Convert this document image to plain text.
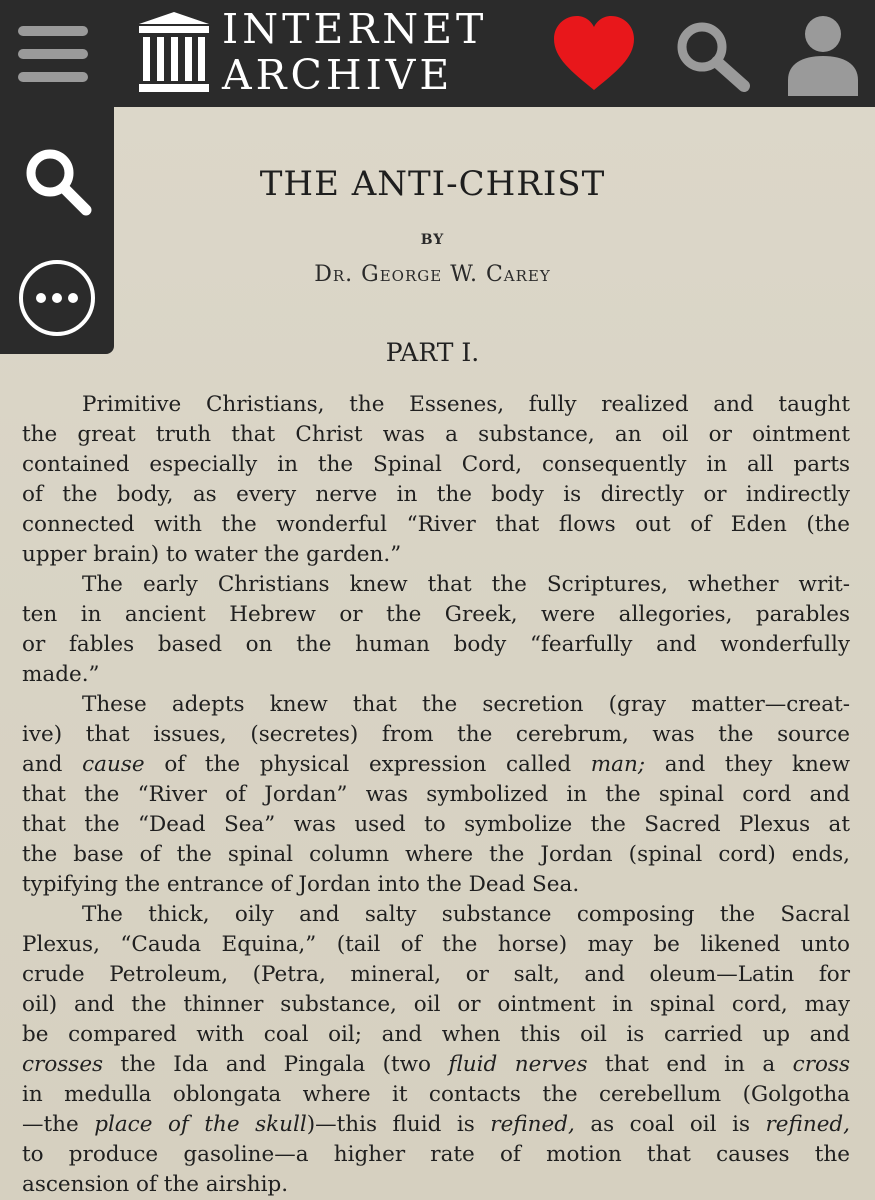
INTERNET
ARCHIVE
THE ANTI-CHRIST
BY
Dr. George W. Carey
PART I.
Primitive Christians, the Essenes, fully realized and taught
the great truth that Christ was a substance, an oil or ointment
contained especially in the Spinal Cord, consequently in all parts
of the body, as every nerve in the body is directly or indirectly
connected with the wonderful “River that flows out of Eden (the
upper brain) to water the garden.”
The early Christians knew that the Scriptures, whether writ-
ten in ancient Hebrew or the Greek, were allegories, parables
or fables based on the human body “fearfully and wonderfully
made.”
These adepts knew that the secretion (gray matter—creat-
ive) that issues, (secretes) from the cerebrum, was the source
and cause of the physical expression called man; and they knew
that the “River of Jordan” was symbolized in the spinal cord and
that the “Dead Sea” was used to symbolize the Sacred Plexus at
the base of the spinal column where the Jordan (spinal cord) ends,
typifying the entrance of Jordan into the Dead Sea.
The thick, oily and salty substance composing the Sacral
Plexus, “Cauda Equina,” (tail of the horse) may be likened unto
crude Petroleum, (Petra, mineral, or salt, and oleum—Latin for
oil) and the thinner substance, oil or ointment in spinal cord, may
be compared with coal oil; and when this oil is carried up and
crosses the Ida and Pingala (two fluid nerves that end in a cross
in medulla oblongata where it contacts the cerebellum (Golgotha
—the place of the skull)—this fluid is refined, as coal oil is refined,
to produce gasoline—a higher rate of motion that causes the
ascension of the airship.
